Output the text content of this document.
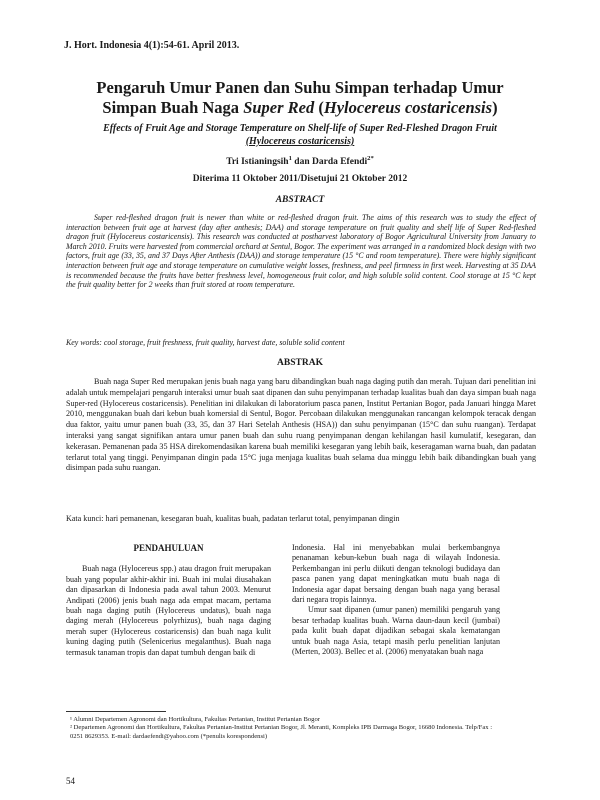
J. Hort. Indonesia 4(1):54-61. April 2013.
Pengaruh Umur Panen dan Suhu Simpan terhadap Umur
Simpan Buah Naga Super Red (Hylocereus costaricensis)
Effects of Fruit Age and Storage Temperature on Shelf-life of Super Red-Fleshed Dragon Fruit
(Hylocereus costaricensis)
Tri Istianingsih$^1$ dan Darda Efendi$^{2*}$
Diterima 11 Oktober 2011/Disetujui 21 Oktober 2012
ABSTRACT
Super red-fleshed dragon fruit is newer than white or red-fleshed dragon fruit. The aims of this research was to study the effect of interaction between fruit age at harvest (day after anthesis; DAA) and storage temperature on fruit quality and shelf life of Super Red-fleshed dragon fruit (Hylocereus costaricensis). This research was conducted at postharvest laboratory of Bogor Agricultural University from January to March 2010. Fruits were harvested from commercial orchard at Sentul, Bogor. The experiment was arranged in a randomized block design with two factors, fruit age (33, 35, and 37 Days After Anthesis (DAA)) and storage temperature (15 °C and room temperature). There were highly significant interaction between fruit age and storage temperature on cumulative weight losses, freshness, and peel firmness in first week. Harvesting at 35 DAA is recommended because the fruits have better freshness level, homogeneous fruit color, and high soluble solid content. Cool storage at 15 °C kept the fruit quality better for 2 weeks than fruit stored at room temperature.
Key words: cool storage, fruit freshness, fruit quality, harvest date, soluble solid content
ABSTRAK
Buah naga Super Red merupakan jenis buah naga yang baru dibandingkan buah naga daging putih dan merah. Tujuan dari penelitian ini adalah untuk mempelajari pengaruh interaksi umur buah saat dipanen dan suhu penyimpanan terhadap kualitas buah dan daya simpan buah naga Super-red (Hylocereus costaricensis). Penelitian ini dilakukan di laboratorium pasca panen, Institut Pertanian Bogor, pada Januari hingga Maret 2010, menggunakan buah dari kebun buah komersial di Sentul, Bogor. Percobaan dilakukan menggunakan rancangan kelompok teracak dengan dua faktor, yaitu umur panen buah (33, 35, dan 37 Hari Setelah Anthesis (HSA)) dan suhu penyimpanan (15°C dan suhu ruangan). Terdapat interaksi yang sangat signifikan antara umur panen buah dan suhu ruang penyimpanan dengan kehilangan hasil kumulatif, kesegaran, dan kekerasan. Pemanenan pada 35 HSA direkomendasikan karena buah memiliki kesegaran yang lebih baik, keseragaman warna buah, dan padatan terlarut total yang tinggi. Penyimpanan dingin pada 15°C juga menjaga kualitas buah selama dua minggu lebih baik dibandingkan buah yang disimpan pada suhu ruangan.
Kata kunci: hari pemanenan, kesegaran buah, kualitas buah, padatan terlarut total, penyimpanan dingin
PENDAHULUAN

Buah naga (Hylocereus spp.) atau dragon fruit merupakan buah yang popular akhir-akhir ini. Buah ini mulai diusahakan dan dipasarkan di Indonesia pada awal tahun 2003. Menurut Andipati (2006) jenis buah naga ada empat macam, pertama buah naga daging putih (Hylocereus undatus), buah naga daging merah (Hylocereus polyrhizus), buah naga daging merah super (Hylocereus costaricensis) dan buah naga kulit kuning daging putih (Selenicerius megalanthus). Buah naga termasuk tanaman tropis dan dapat tumbuh dengan baik di

Indonesia. Hal ini menyebabkan mulai berkembangnya penanaman kebun-kebun buah naga di wilayah Indonesia. Perkembangan ini perlu diikuti dengan teknologi budidaya dan pasca panen yang dapat meningkatkan mutu buah naga di Indonesia agar dapat bersaing dengan buah naga yang berasal dari negara tropis lainnya.

Umur saat dipanen (umur panen) memiliki pengaruh yang besar terhadap kualitas buah. Warna daun-daun kecil (jumbai) pada kulit buah dapat dijadikan sebagai skala kematangan untuk buah naga Asia, tetapi masih perlu penelitian lanjutan (Merten, 2003). Bellec et al. (2006) menyatakan buah naga

¹ Alumni Departemen Agronomi dan Hortikultura, Fakultas Pertanian, Institut Pertanian Bogor
² Departemen Agronomi dan Hortikultura, Fakultas Pertanian-Institut Pertanian Bogor, Jl. Meranti, Kompleks IPB Darmaga Bogor, 16680 Indonesia. Telp/Fax : 0251 8629353. E-mail: dardaefendi@yahoo.com (*penulis korespondensi)
54
